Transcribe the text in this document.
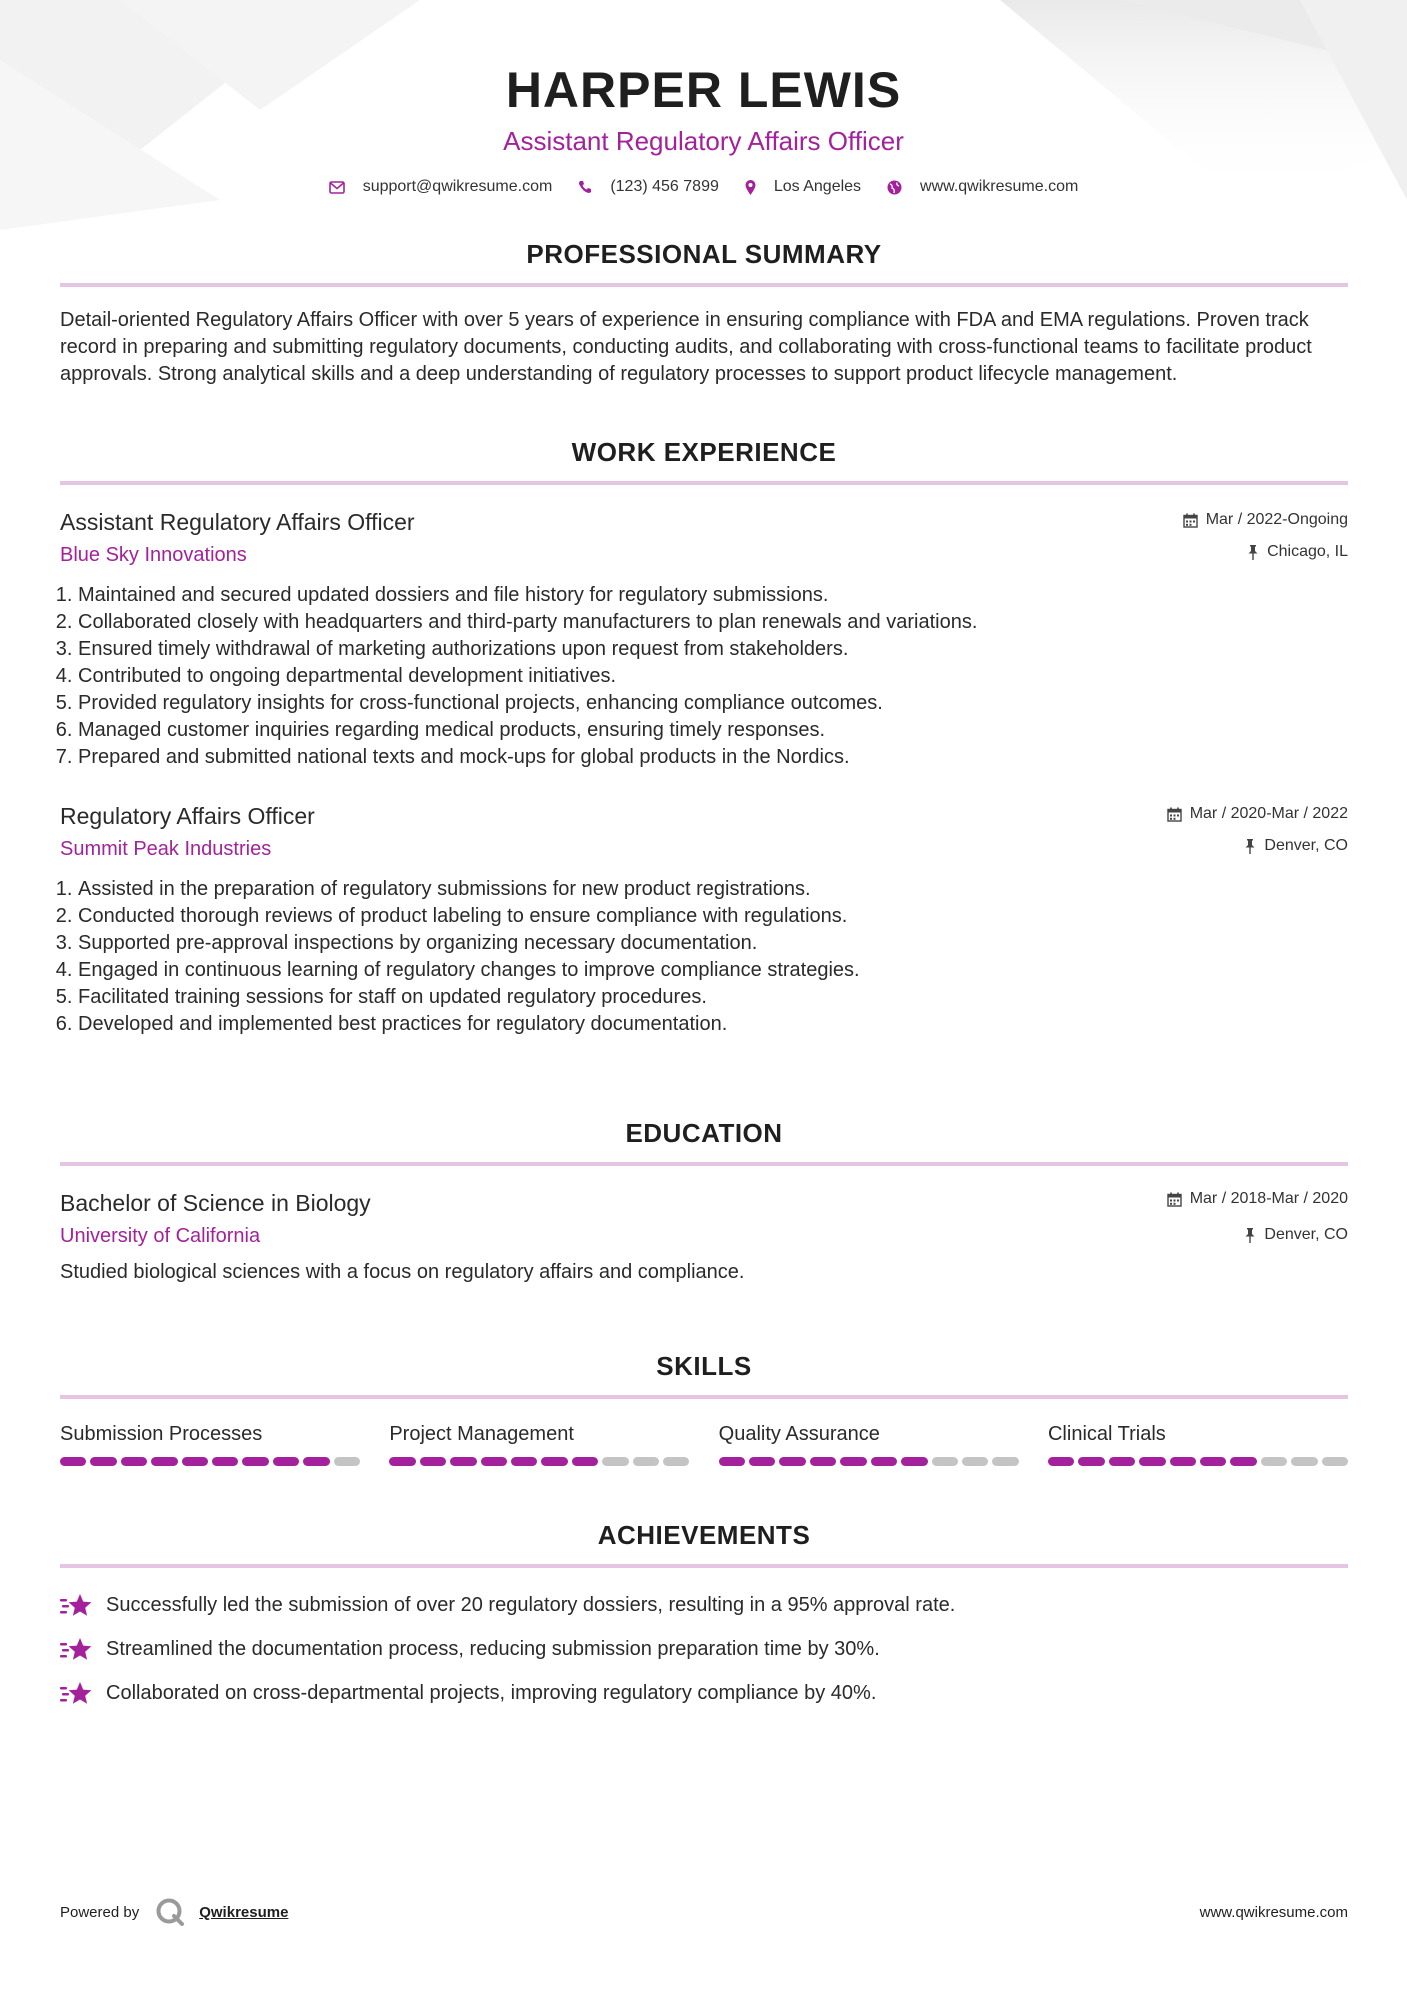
HARPER LEWIS
Assistant Regulatory Affairs Officer
support@qwikresume.com	(123) 456 7899	Los Angeles	www.qwikresume.com
PROFESSIONAL SUMMARY
Detail-oriented Regulatory Affairs Officer with over 5 years of experience in ensuring compliance with FDA and EMA regulations. Proven track record in preparing and submitting regulatory documents, conducting audits, and collaborating with cross-functional teams to facilitate product approvals. Strong analytical skills and a deep understanding of regulatory processes to support product lifecycle management.
WORK EXPERIENCE
Mar / 2022-Ongoing
Chicago, IL
Assistant Regulatory Affairs Officer
Blue Sky Innovations
1. Maintained and secured updated dossiers and file history for regulatory submissions.
2. Collaborated closely with headquarters and third-party manufacturers to plan renewals and variations.
3. Ensured timely withdrawal of marketing authorizations upon request from stakeholders.
4. Contributed to ongoing departmental development initiatives.
5. Provided regulatory insights for cross-functional projects, enhancing compliance outcomes.
6. Managed customer inquiries regarding medical products, ensuring timely responses.
7. Prepared and submitted national texts and mock-ups for global products in the Nordics.
Mar / 2020-Mar / 2022
Denver, CO
Regulatory Affairs Officer
Summit Peak Industries
1. Assisted in the preparation of regulatory submissions for new product registrations.
2. Conducted thorough reviews of product labeling to ensure compliance with regulations.
3. Supported pre-approval inspections by organizing necessary documentation.
4. Engaged in continuous learning of regulatory changes to improve compliance strategies.
5. Facilitated training sessions for staff on updated regulatory procedures.
6. Developed and implemented best practices for regulatory documentation.
EDUCATION
Mar / 2018-Mar / 2020
Denver, CO
Bachelor of Science in Biology
University of California
Studied biological sciences with a focus on regulatory affairs and compliance.
SKILLS
Submission Processes	Project Management	Quality Assurance	Clinical Trials
ACHIEVEMENTS
Successfully led the submission of over 20 regulatory dossiers, resulting in a 95% approval rate.
Streamlined the documentation process, reducing submission preparation time by 30%.
Collaborated on cross-departmental projects, improving regulatory compliance by 40%.
Powered by	Qwikresume	www.qwikresume.com
